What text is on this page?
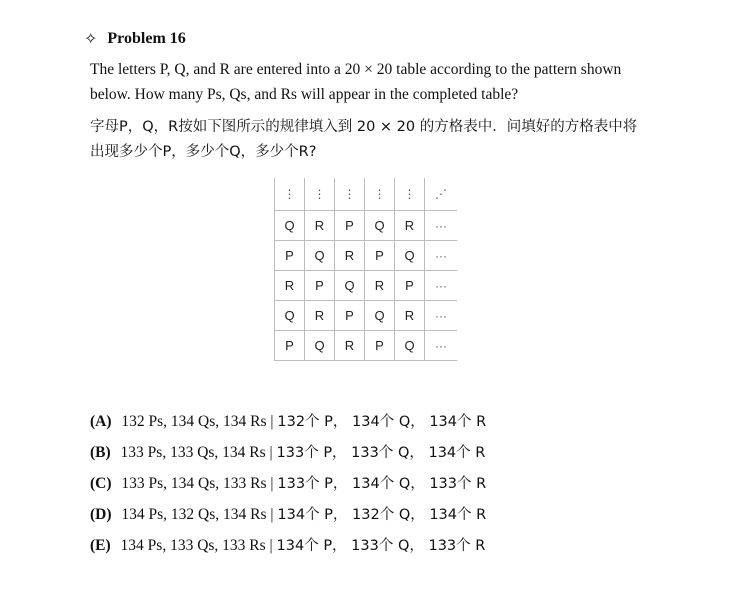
✧ Problem 16
The letters P, Q, and R are entered into a 20 × 20 table according to the pattern shown below. How many Ps, Qs, and Rs will appear in the completed table?
字母P，Q，R按如下图所示的规律填入到 20 × 20 的方格表中．问填好的方格表中将出现多少个P，多少个Q，多少个R?
⋮	⋮	⋮	⋮	⋮	⋰
Q	R	P	Q	R	···
P	Q	R	P	Q	···
R	P	Q	R	P	···
Q	R	P	Q	R	···
P	Q	R	P	Q	···
(A) 132 Ps, 134 Qs, 134 Rs | 132个 P， 134个 Q， 134个 R
(B) 133 Ps, 133 Qs, 134 Rs | 133个 P， 133个 Q， 134个 R
(C) 133 Ps, 134 Qs, 133 Rs | 133个 P， 134个 Q， 133个 R
(D) 134 Ps, 132 Qs, 134 Rs | 134个 P， 132个 Q， 134个 R
(E) 134 Ps, 133 Qs, 133 Rs | 134个 P， 133个 Q， 133个 R
